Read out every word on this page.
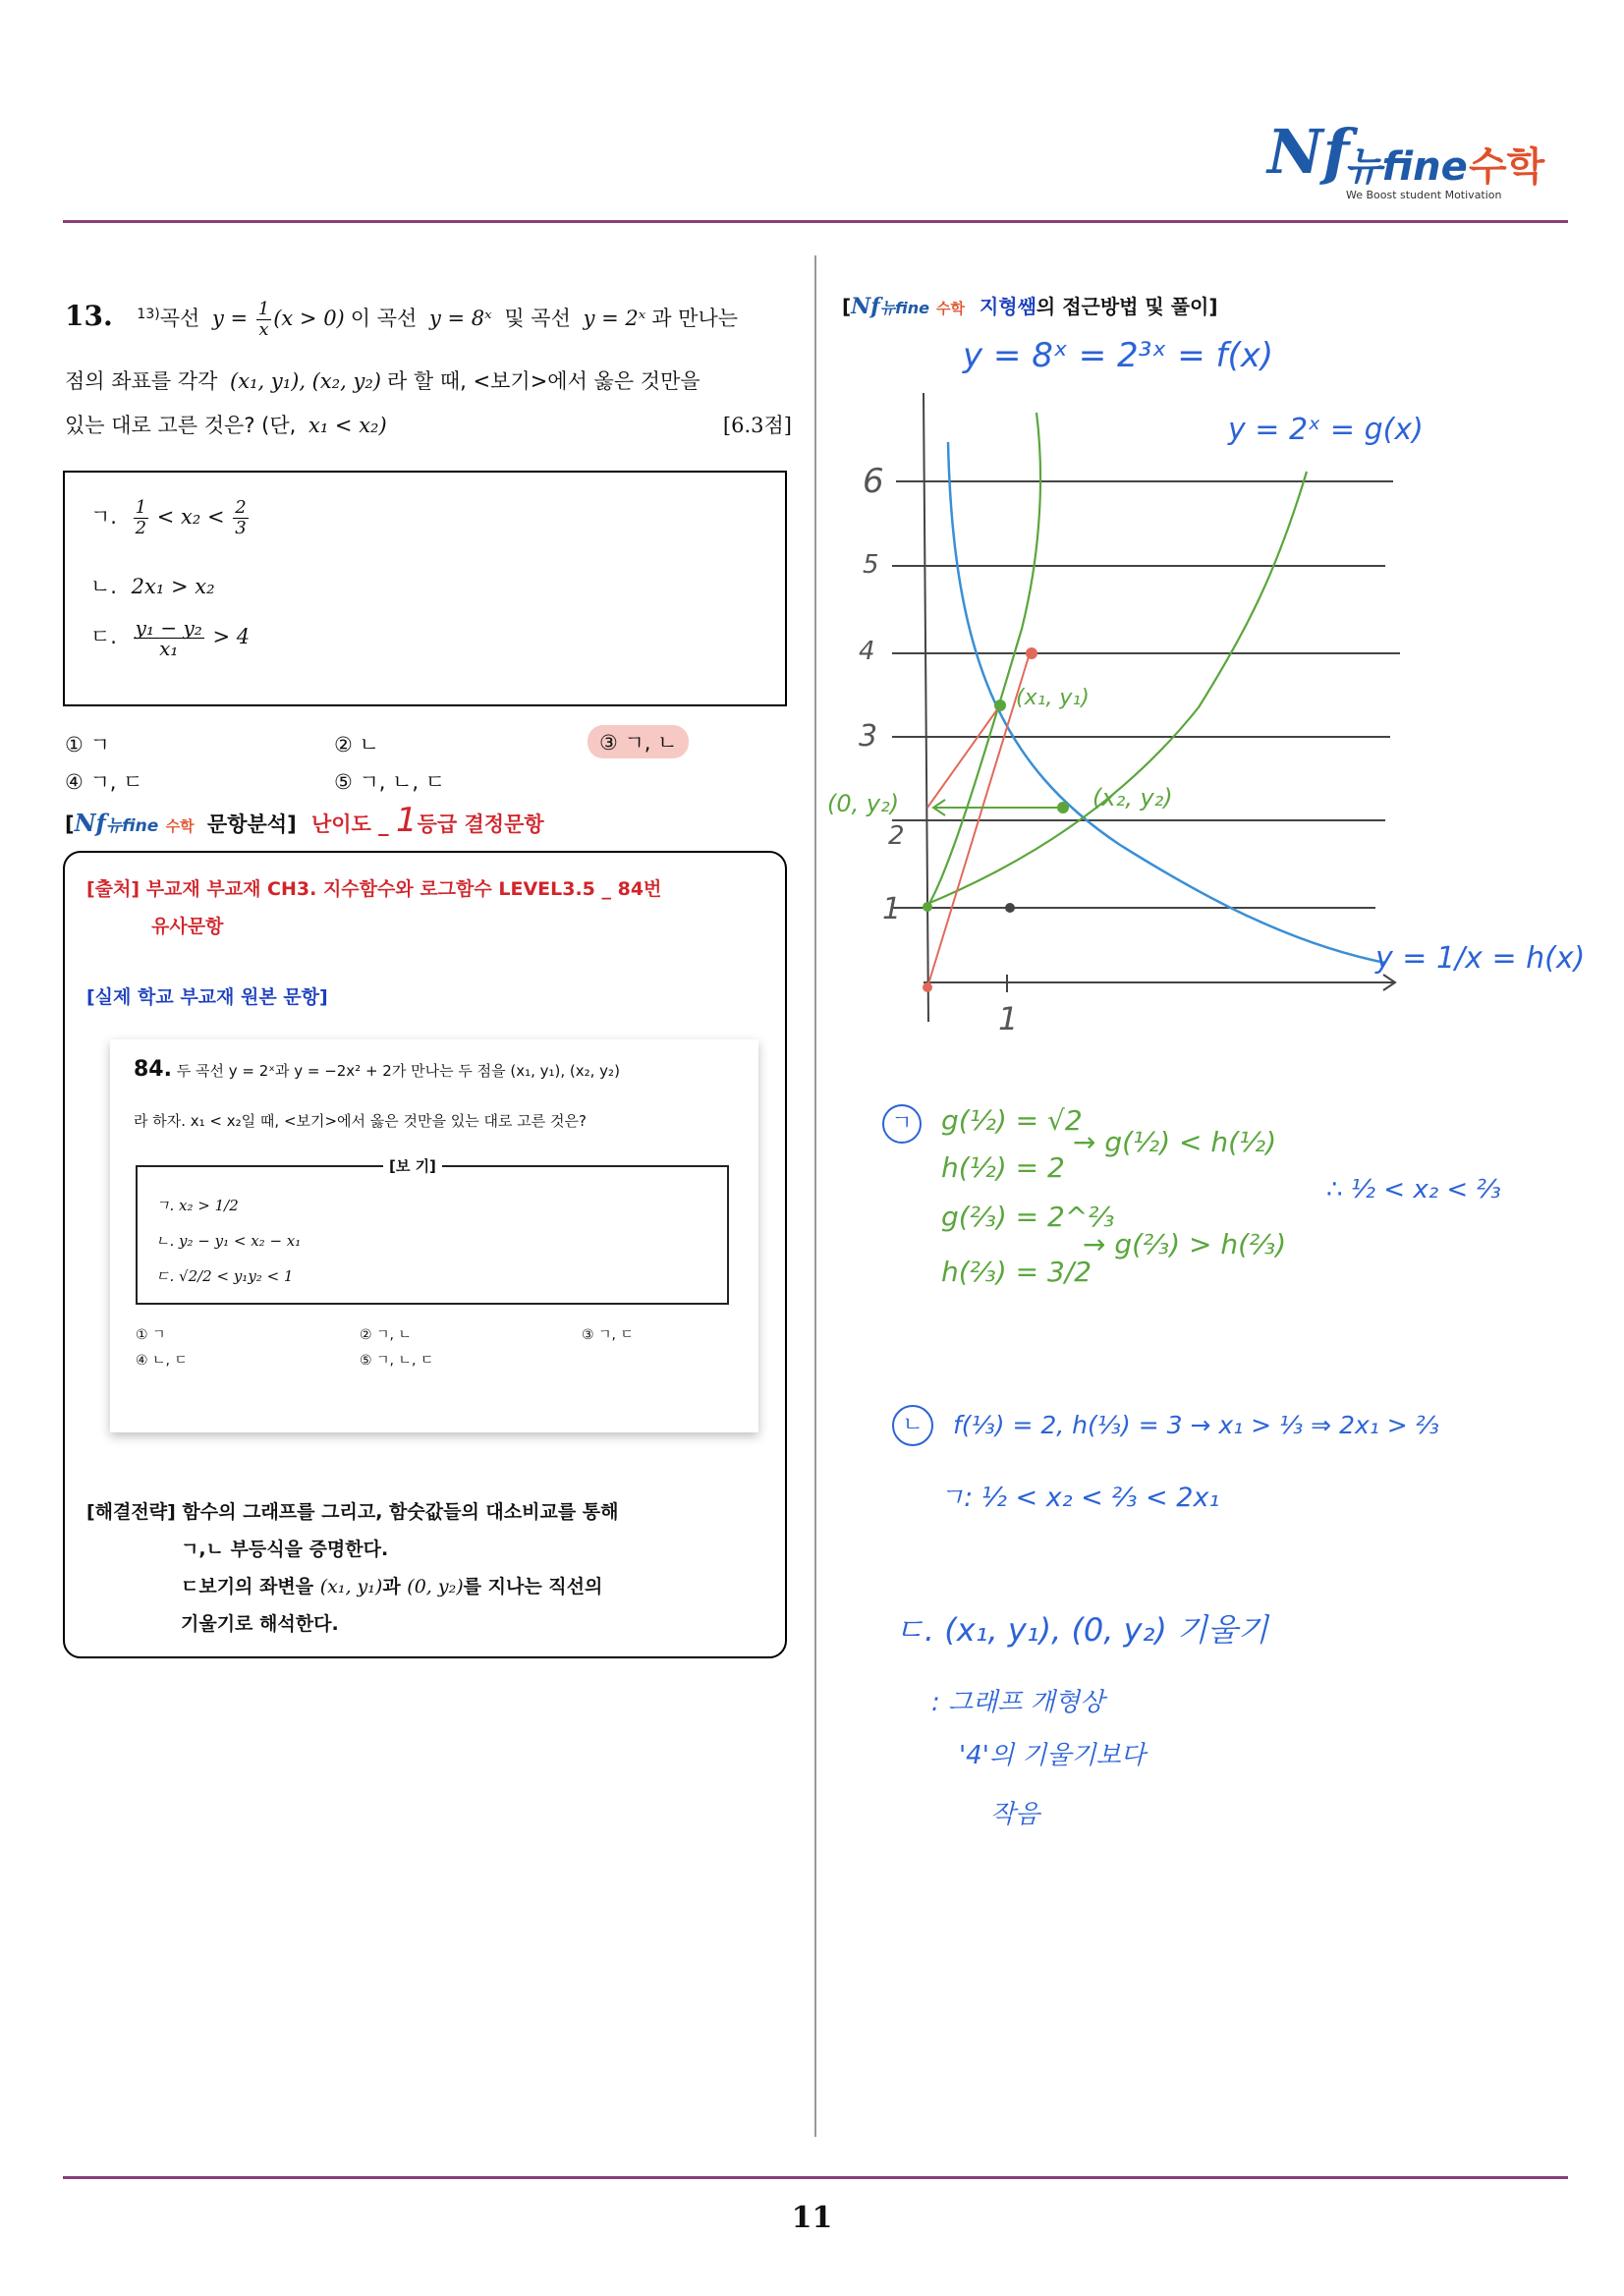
Nf
뉴fine 수학
We Boost student Motivation
13. $^{13)}$곡선 $y = \frac{1}{x} (x > 0)$ 이 곡선 y = 8ˣ 및 곡선 y = 2ˣ 과 만나는
점의 좌표를 각각 (x₁, y₁), (x₂, y₂) 라 할 때, <보기>에서 옳은 것만을
있는 대로 고른 것은? (단, x₁ < x₂)	[6.3점]
ㄱ. $\frac{1}{2} < x_2 < \frac{2}{3}$
ㄴ. 2x₁ > x₂
ㄷ. $\frac{\text{y₁ − y₂}}{\text{x₁}} > 4$
① ㄱ	② ㄴ	③ ㄱ, ㄴ
④ ㄱ, ㄷ	⑤ ㄱ, ㄴ, ㄷ
[Nf뉴fine 수학 문항분석] 난이도 _ 1등급 결정문항
[출처] 부교재 부교재 CH3. 지수함수와 로그함수 LEVEL3.5 _ 84번
유사문항
[실제 학교 부교재 원본 문항]
84. 두 곡선 y = 2ˣ과 y = −2x² + 2가 만나는 두 점을 (x₁, y₁), (x₂, y₂)
라 하자. x₁ < x₂일 때, <보기>에서 옳은 것만을 있는 대로 고른 것은?
[보 기]
ㄱ. x₂ > 1/2
ㄴ. y₂ − y₁ < x₂ − x₁
ㄷ. √2/2 < y₁y₂ < 1
① ㄱ	② ㄱ, ㄴ	③ ㄱ, ㄷ
④ ㄴ, ㄷ	⑤ ㄱ, ㄴ, ㄷ
[해결전략] 함수의 그래프를 그리고, 함숫값들의 대소비교를 통해
ㄱ,ㄴ 부등식을 증명한다.
ㄷ보기의 좌변을 (x₁, y₁)과 (0, y₂)를 지나는 직선의
기울기로 해석한다.
[Nf뉴fine 수학 지형쌤의 접근방법 및 풀이]
y = 8ˣ = 2³ˣ = f(x)
y = 2ˣ = g(x)
y = 1/x = h(x)
6
5
4
3
2
1
1
(x₁, y₁)
(x₂, y₂)
(0, y₂)
ㄱ	g(½) = √2
h(½) = 2
→ g(½) < h(½)
g(⅔) = 2^⅔
h(⅔) = 3/2
→ g(⅔) > h(⅔)
∴ ½ < x₂ < ⅔
ㄴ	f(⅓) = 2, h(⅓) = 3 → x₁ > ⅓ ⇒ 2x₁ > ⅔
ㄱ: ½ < x₂ < ⅔ < 2x₁
ㄷ. (x₁, y₁), (0, y₂) 기울기
: 그래프 개형상
'4'의 기울기보다
작음
11
